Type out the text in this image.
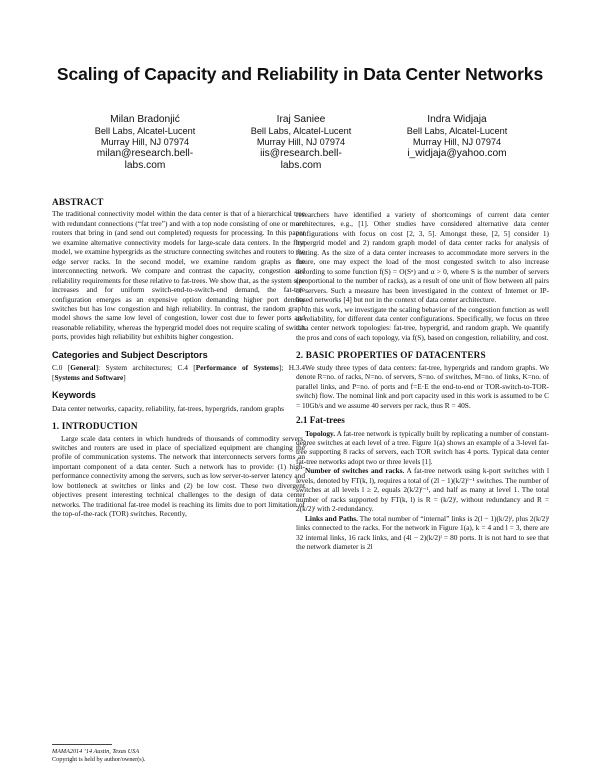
Scaling of Capacity and Reliability in Data Center Networks
Milan Bradonjić
Bell Labs, Alcatel-Lucent
Murray Hill, NJ 07974
milan@research.bell-labs.com
Iraj Saniee
Bell Labs, Alcatel-Lucent
Murray Hill, NJ 07974
iis@research.bell-labs.com
Indra Widjaja
Bell Labs, Alcatel-Lucent
Murray Hill, NJ 07974
i_widjaja@yahoo.com
ABSTRACT

The traditional connectivity model within the data center is that of a hierarchical tree with redundant connections (“fat tree”) and with a top node consisting of one or more routers that bring in (and send out completed) requests for processing. In this paper we examine alternative connectivity models for large-scale data centers. In the first model, we examine hypergrids as the structure connecting switches and routers to the edge server racks. In the second model, we examine random graphs as the interconnecting network. We compare and contrast the capacity, congestion and reliability requirements for these relative to fat-trees. We show that, as the system size increases and for uniform switch-end-to-switch-end demand, the fat-tree configuration emerges as an expensive option demanding higher port density switches but has low congestion and high reliability. In contrast, the random graph model shows the same low level of congestion, lower cost due to fewer ports and reasonable reliability, whereas the hypergrid model does not require scaling of switch ports, provides high reliability but exhibits higher congestion.

Categories and Subject Descriptors

C.0 [General]: System architectures; C.4 [Performance of Systems]; H.3.4 [Systems and Software]

Keywords

Data center networks, capacity, reliability, fat-trees, hypergrids, random graphs

1. INTRODUCTION

Large scale data centers in which hundreds of thousands of commodity servers, switches and routers are used in place of specialized equipment are changing the profile of communication systems. The network that interconnects servers forms an important component of a data center. Such a network has to provide: (1) high-performance connectivity among the servers, such as low server-to-server latency and low bottleneck at switches or links and (2) be low cost. These two divergent objectives present interesting technical challenges to the design of data center networks. The traditional fat-tree model is reaching its limits due to port limitation of the top-of-the-rack (TOR) switches. Recently,

researchers have identified a variety of shortcomings of current data center architectures, e.g., [1]. Other studies have considered alternative data center configurations with focus on cost [2, 3, 5]. Amongst these, [2, 5] consider 1) hypergrid model and 2) random graph model of data center racks for analysis of routing. As the size of a data center increases to accommodate more servers in the future, one may expect the load of the most congested switch to also increase according to some function f(S) = O(Sᵅ) and α > 0, where S is the number of servers (proportional to the number of racks), as a result of one unit of flow between all pairs of servers. Such a measure has been investigated in the context of Internet or IP-based networks [4] but not in the context of data center architecture.

In this work, we investigate the scaling behavior of the congestion function as well as reliability, for different data center configurations. Specifically, we focus on three data center network topologies: fat-tree, hypergrid, and random graph. We quantify the pros and cons of each topology, via f(S), based on congestion, reliability, and cost.

2. BASIC PROPERTIES OF DATACENTERS

We study three types of data centers: fat-tree, hypergrids and random graphs. We denote R=no. of racks, N=no. of servers, S=no. of switches, M=no. of links, K=no. of parallel links, and P=no. of ports and f=E·E the end-to-end or TOR-switch-to-TOR-switch) flow. The nominal link and port capacity used in this work is assumed to be C = 10Gb/s and we assume 40 servers per rack, thus R = 40S.

2.1 Fat-trees

Topology. A fat-tree network is typically built by replicating a number of constant-degree switches at each level of a tree. Figure 1(a) shows an example of a 3-level fat-tree supporting 8 racks of servers, each TOR switch has 4 ports. Typical data center fat-tree networks adopt two or three levels [1].

Number of switches and racks. A fat-tree network using k-port switches with l levels, denoted by FT(k, l), requires a total of (2l − 1)(k/2)ˡ⁻¹ switches. The number of switches at all levels l ≥ 2, equals 2(k/2)ˡ⁻¹, and half as many at level 1. The total number of racks supported by FT(k, l) is R = (k/2)ˡ, without redundancy and R = 2(k/2)ˡ with 2-redundancy.

Links and Paths. The total number of “internal” links is 2(l − 1)(k/2)ˡ, plus 2(k/2)ˡ links connected to the racks. For the network in Figure 1(a), k = 4 and l = 3, there are 32 internal links, 16 rack links, and (4l − 2)(k/2)ˡ = 80 ports. It is not hard to see that the network diameter is 2l

MAMA2014 ’14 Austin, Texas USA
Copyright is held by author/owner(s).
